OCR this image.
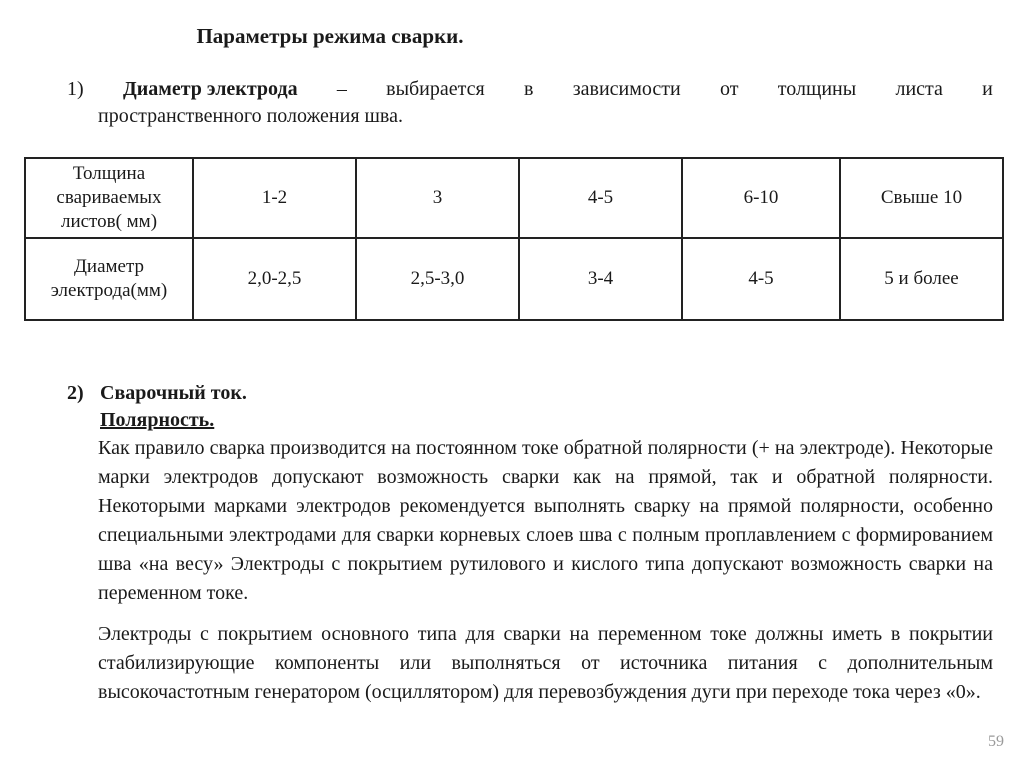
Параметры режима сварки.
1) Диаметр электрода – выбирается в зависимости от толщины листа и
пространственного положения шва.
Толщина
свариваемых
листов( мм)	1-2	3	4-5	6-10	Свыше 10

Диаметр
электрода(мм)	2,0-2,5	2,5-3,0	3-4	4-5	5 и более
2) Сварочный ток.
Полярность.
Как правило сварка производится на постоянном токе обратной полярности (+ на электроде). Некоторые марки электродов допускают возможность сварки как на прямой, так и обратной полярности. Некоторыми марками электродов рекомендуется выполнять сварку на прямой полярности, особенно специальными электродами для сварки корневых слоев шва с полным проплавлением с формированием шва «на весу» Электроды с покрытием рутилового и кислого типа допускают возможность сварки на переменном токе.
Электроды с покрытием основного типа для сварки на переменном токе должны иметь в покрытии стабилизирующие компоненты или выполняться от источника питания с дополнительным высокочастотным генератором (осциллятором) для перевозбуждения дуги при переходе тока через «0».
59
